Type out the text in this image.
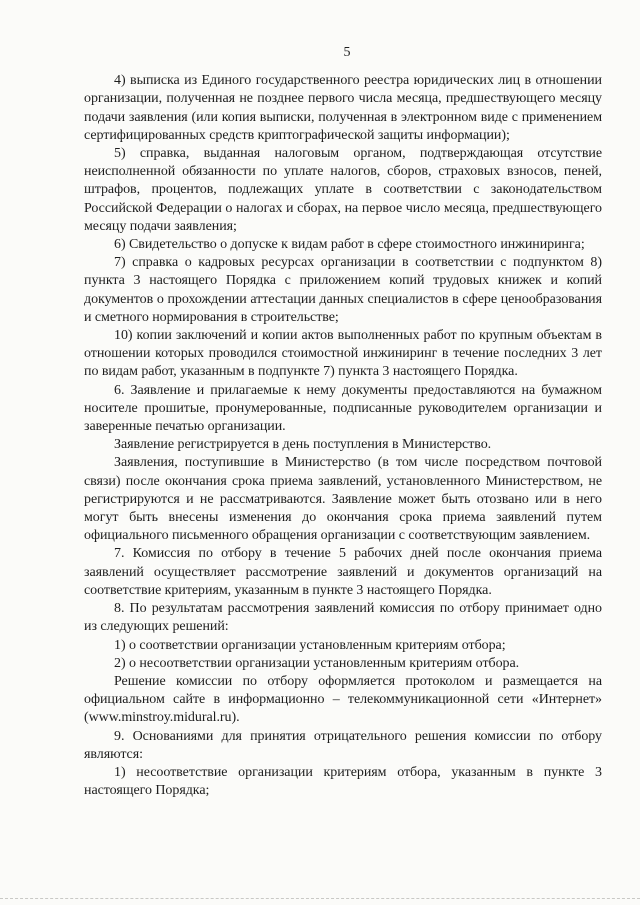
5

4) выписка из Единого государственного реестра юридических лиц в отношении организации, полученная не позднее первого числа месяца, предшествующего месяцу подачи заявления (или копия выписки, полученная в электронном виде с применением сертифицированных средств криптографической защиты информации);

5) справка, выданная налоговым органом, подтверждающая отсутствие неисполненной обязанности по уплате налогов, сборов, страховых взносов, пеней, штрафов, процентов, подлежащих уплате в соответствии с законодательством Российской Федерации о налогах и сборах, на первое число месяца, предшествующего месяцу подачи заявления;

6) Свидетельство о допуске к видам работ в сфере стоимостного инжиниринга;

7) справка о кадровых ресурсах организации в соответствии с подпунктом 8) пункта 3 настоящего Порядка с приложением копий трудовых книжек и копий документов о прохождении аттестации данных специалистов в сфере ценообразования и сметного нормирования в строительстве;

10) копии заключений и копии актов выполненных работ по крупным объектам в отношении которых проводился стоимостной инжиниринг в течение последних 3 лет по видам работ, указанным в подпункте 7) пункта 3 настоящего Порядка.

6. Заявление и прилагаемые к нему документы предоставляются на бумажном носителе прошитые, пронумерованные, подписанные руководителем организации и заверенные печатью организации.

Заявление регистрируется в день поступления в Министерство.

Заявления, поступившие в Министерство (в том числе посредством почтовой связи) после окончания срока приема заявлений, установленного Министерством, не регистрируются и не рассматриваются. Заявление может быть отозвано или в него могут быть внесены изменения до окончания срока приема заявлений путем официального письменного обращения организации с соответствующим заявлением.

7. Комиссия по отбору в течение 5 рабочих дней после окончания приема заявлений осуществляет рассмотрение заявлений и документов организаций на соответствие критериям, указанным в пункте 3 настоящего Порядка.

8. По результатам рассмотрения заявлений комиссия по отбору принимает одно из следующих решений:

1) о соответствии организации установленным критериям отбора;

2) о несоответствии организации установленным критериям отбора.

Решение комиссии по отбору оформляется протоколом и размещается на официальном сайте в информационно – телекоммуникационной сети «Интернет» (www.minstroy.midural.ru).

9. Основаниями для принятия отрицательного решения комиссии по отбору являются:

1) несоответствие организации критериям отбора, указанным в пункте 3 настоящего Порядка;
